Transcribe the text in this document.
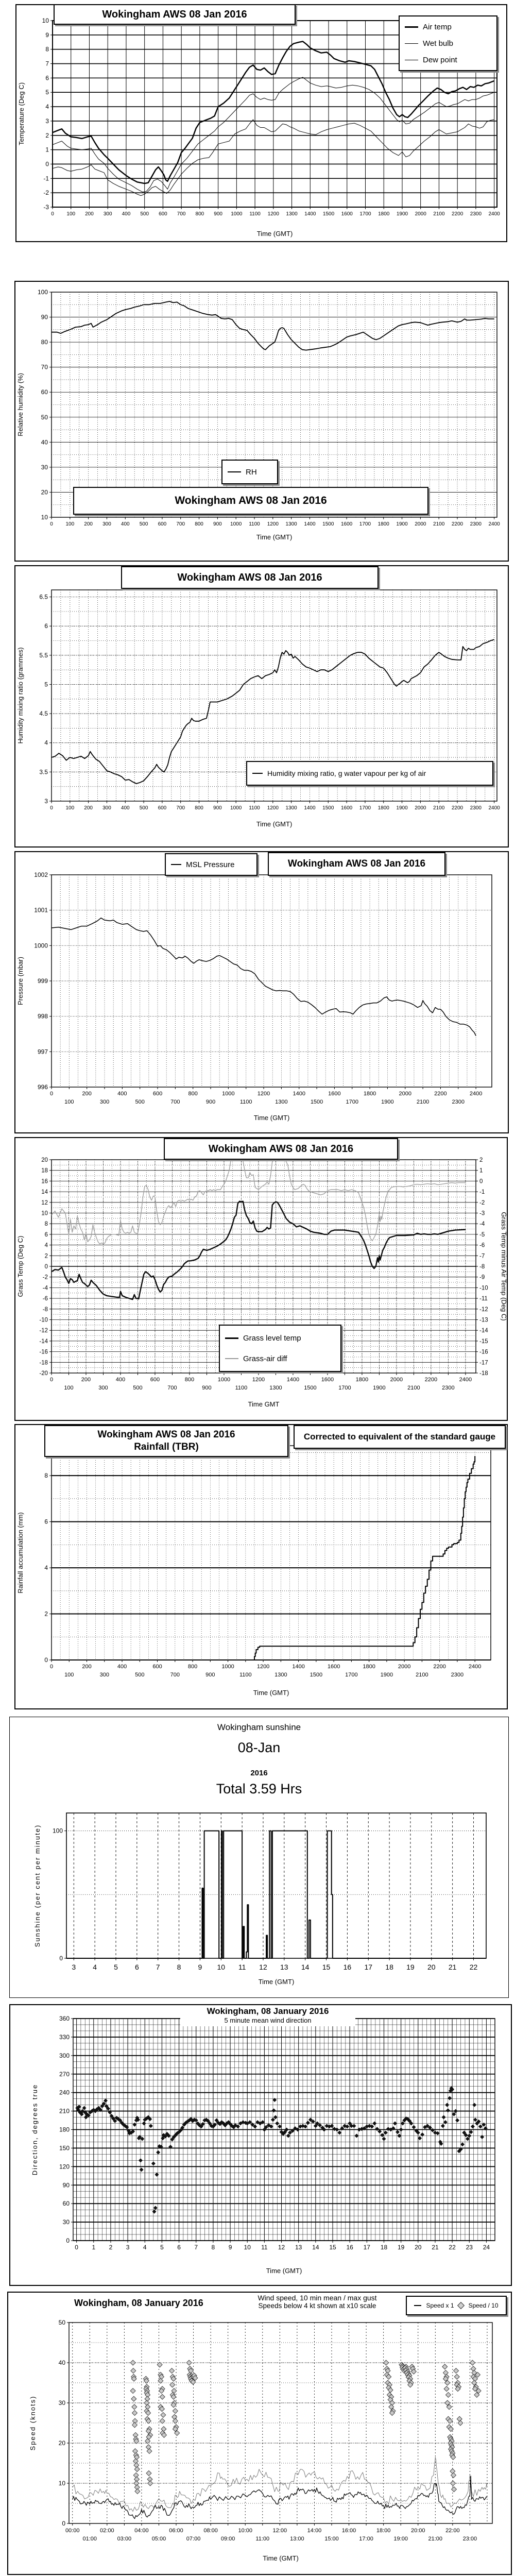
0 100 200 300 400 500 600 700 800 900 1000 1100 1200 1300 1400 1500 1600 1700 1800 1900 2000 2100 2200 2300 2400
-3
-2
-1
0
1
2
3
4
5
6
7
8
9
10
Time (GMT)
Temperature (Deg C)
Wokingham AWS 08 Jan 2016
Air temp
Wet bulb
Dew point
0 100 200 300 400 500 600 700 800 900 1000 1100 1200 1300 1400 1500 1600 1700 1800 1900 2000 2100 2200 2300 2400
10
20
30
40
50
60
70
80
90
100
Time (GMT)
Relative humidity (%)
RH
Wokingham AWS 08 Jan 2016
0 100 200 300 400 500 600 700 800 900 1000 1100 1200 1300 1400 1500 1600 1700 1800 1900 2000 2100 2200 2300 2400
3
3.5
4
4.5
5
5.5
6
6.5
Time (GMT)
Humidity mixing ratio (grammes)
Wokingham AWS 08 Jan 2016
Humidity mixing ratio, g water vapour per kg of air
0
100
200
300
400
500
600
700
800
900
1000
1100
1200
1300
1400
1500
1600
1700
1800
1900
2000
2100
2200
2300
2400
996
997
998
999
1000
1001
1002
Time (GMT)
Pressure (mbar)
MSL Pressure	Wokingham AWS 08 Jan 2016
0
100
200
300
400
500
600
700
800
900
1000
1100
1200
1300
1400
1500
1600
1700
1800
1900
2000
2100
2200
2300
2400
-20
-18
-16
-14
-12
-10
-8
-6
-4
-2
0
2
4
6
8
10
12
14
16
18
20
-18
-17
-16
-15
-14
-13
-12
-11
-10
-9
-8
-7
-6
-5
-4
-3
-2
-1
0
1
2
Time GMT
Grass Temp (Deg C)	Grass Temp minus Air Temp (Deg C)
Wokingham AWS 08 Jan 2016
Grass level temp
Grass-air diff
0
100
200
300
400
500
600
700
800
900
1000
1100
1200
1300
1400
1500
1600
1700
1800
1900
2000
2100
2200
2300
2400
0
2
4
6
8
Time (GMT)
Rainfall accumulation (mm)
Wokingham AWS 08 Jan 2016
Rainfall (TBR)
Corrected to equivalent of the standard gauge
3 4 5 6 7 8 9 10 11 12 13 14 15 16 17 18 19 20 21 22
0
100
Time (GMT)
Sunshine (per cent per minute)
Wokingham sunshine
08-Jan
2016
Total 3.59 Hrs
0 1 2 3 4 5 6 7 8 9 10 11 12 13 14 15 16 17 18 19 20 21 22 23 24
0
30
60
90
120
150
180
210
240
270
300
330
360
Time (GMT)
Direction, degrees true
Wokingham, 08 January 2016
5 minute mean wind direction
00:00
01:00
02:00
03:00
04:00
05:00
06:00
07:00
08:00
09:00
10:00
11:00
12:00
13:00
14:00
15:00
16:00
17:00
18:00
19:00
20:00
21:00
22:00
23:00
0
10
20
30
40
50
Time (GMT)
Speed (knots)
Wokingham, 08 January 2016	Wind speed, 10 min mean / max gust
Speeds below 4 kt shown at x10 scale	Speed x 1 Speed / 10
